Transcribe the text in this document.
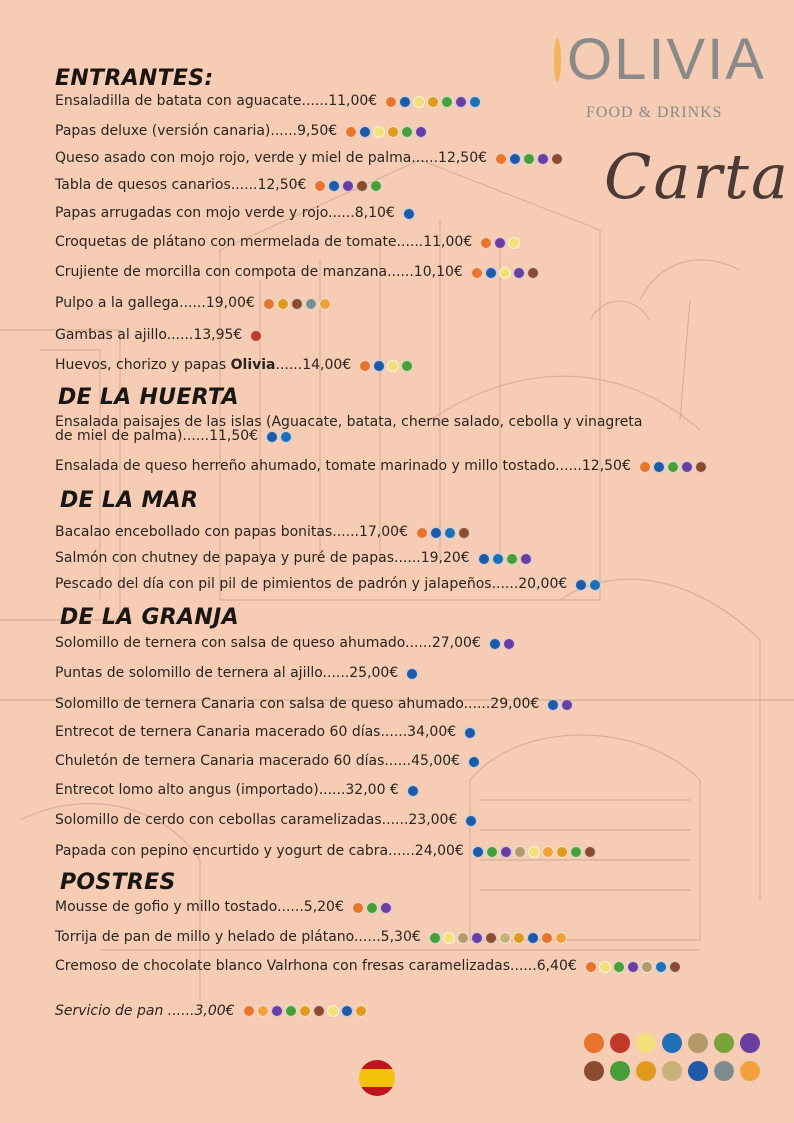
OLIVIA
FOOD & DRINKS
Carta
ENTRANTES:
Ensaladilla de batata con aguacate......11,00€
Papas deluxe (versión canaria)......9,50€
Queso asado con mojo rojo, verde y miel de palma......12,50€
Tabla de quesos canarios......12,50€
Papas arrugadas con mojo verde y rojo......8,10€
Croquetas de plátano con mermelada de tomate......11,00€
Crujiente de morcilla con compota de manzana......10,10€
Pulpo a la gallega......19,00€
Gambas al ajillo......13,95€
Huevos, chorizo y papas Olivia......14,00€
DE LA HUERTA
Ensalada paisajes de las islas (Aguacate, batata, cherne salado, cebolla y vinagreta
de miel de palma)......11,50€
Ensalada de queso herreño ahumado, tomate marinado y millo tostado......12,50€
DE LA MAR
Bacalao encebollado con papas bonitas......17,00€
Salmón con chutney de papaya y puré de papas......19,20€
Pescado del día con pil pil de pimientos de padrón y jalapeños......20,00€
DE LA GRANJA
Solomillo de ternera con salsa de queso ahumado......27,00€
Puntas de solomillo de ternera al ajillo......25,00€
Solomillo de ternera Canaria con salsa de queso ahumado......29,00€
Entrecot de ternera Canaria macerado 60 días......34,00€
Chuletón de ternera Canaria macerado 60 días......45,00€
Entrecot lomo alto angus (importado)......32,00 €
Solomillo de cerdo con cebollas caramelizadas......23,00€
Papada con pepino encurtido y yogurt de cabra......24,00€
POSTRES
Mousse de gofio y millo tostado......5,20€
Torrija de pan de millo y helado de plátano......5,30€
Cremoso de chocolate blanco Valrhona con fresas caramelizadas......6,40€
Servicio de pan ......3,00€
